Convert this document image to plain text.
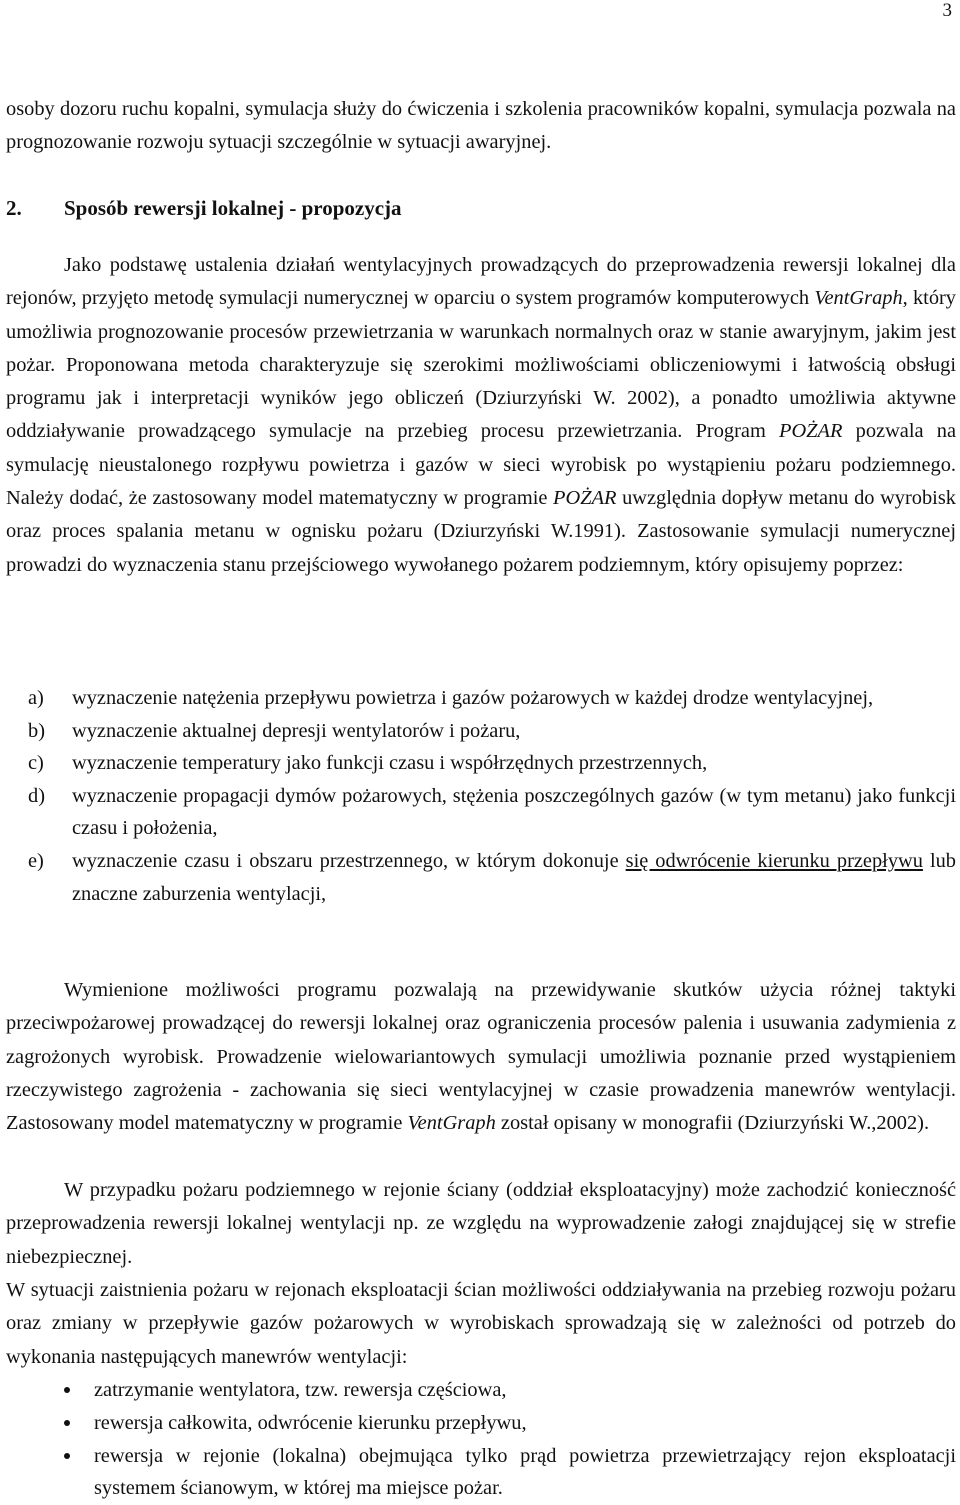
3
osoby dozoru ruchu kopalni, symulacja służy do ćwiczenia i szkolenia pracowników kopalni, symulacja pozwala na prognozowanie rozwoju sytuacji szczególnie w sytuacji awaryjnej.
2. Sposób rewersji lokalnej - propozycja
Jako podstawę ustalenia działań wentylacyjnych prowadzących do przeprowadzenia rewersji lokalnej dla rejonów, przyjęto metodę symulacji numerycznej w oparciu o system programów komputerowych VentGraph, który umożliwia prognozowanie procesów przewietrzania w warunkach normalnych oraz w stanie awaryjnym, jakim jest pożar. Proponowana metoda charakteryzuje się szerokimi możliwościami obliczeniowymi i łatwością obsługi programu jak i interpretacji wyników jego obliczeń (Dziurzyński W. 2002), a ponadto umożliwia aktywne oddziaływanie prowadzącego symulacje na przebieg procesu przewietrzania. Program POŻAR pozwala na symulację nieustalonego rozpływu powietrza i gazów w sieci wyrobisk po wystąpieniu pożaru podziemnego. Należy dodać, że zastosowany model matematyczny w programie POŻAR uwzględnia dopływ metanu do wyrobisk oraz proces spalania metanu w ognisku pożaru (Dziurzyński W.1991). Zastosowanie symulacji numerycznej prowadzi do wyznaczenia stanu przejściowego wywołanego pożarem podziemnym, który opisujemy poprzez:
a) wyznaczenie natężenia przepływu powietrza i gazów pożarowych w każdej drodze wentylacyjnej,
b) wyznaczenie aktualnej depresji wentylatorów i pożaru,
c) wyznaczenie temperatury jako funkcji czasu i współrzędnych przestrzennych,
d) wyznaczenie propagacji dymów pożarowych, stężenia poszczególnych gazów (w tym metanu) jako funkcji czasu i położenia,
e) wyznaczenie czasu i obszaru przestrzennego, w którym dokonuje się odwrócenie kierunku przepływu lub znaczne zaburzenia wentylacji,
Wymienione możliwości programu pozwalają na przewidywanie skutków użycia różnej taktyki przeciwpożarowej prowadzącej do rewersji lokalnej oraz ograniczenia procesów palenia i usuwania zadymienia z zagrożonych wyrobisk. Prowadzenie wielowariantowych symulacji umożliwia poznanie przed wystąpieniem rzeczywistego zagrożenia - zachowania się sieci wentylacyjnej w czasie prowadzenia manewrów wentylacji. Zastosowany model matematyczny w programie VentGraph został opisany w monografii (Dziurzyński W.,2002).
W przypadku pożaru podziemnego w rejonie ściany (oddział eksploatacyjny) może zachodzić konieczność przeprowadzenia rewersji lokalnej wentylacji np. ze względu na wyprowadzenie załogi znajdującej się w strefie niebezpiecznej.
W sytuacji zaistnienia pożaru w rejonach eksploatacji ścian możliwości oddziaływania na przebieg rozwoju pożaru oraz zmiany w przepływie gazów pożarowych w wyrobiskach sprowadzają się w zależności od potrzeb do wykonania następujących manewrów wentylacji:
zatrzymanie wentylatora, tzw. rewersja częściowa,
rewersja całkowita, odwrócenie kierunku przepływu,
rewersja w rejonie (lokalna) obejmująca tylko prąd powietrza przewietrzający rejon eksploatacji systemem ścianowym, w której ma miejsce pożar.
